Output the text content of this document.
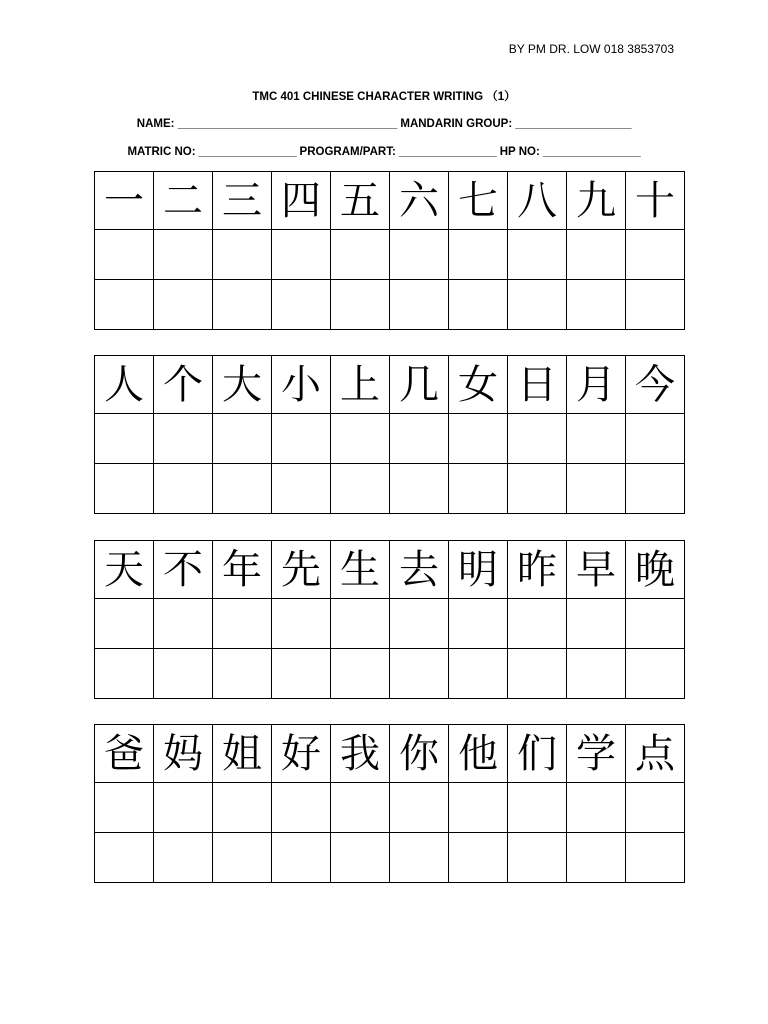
BY PM DR. LOW 018 3853703
TMC 401 CHINESE CHARACTER WRITING （1）
NAME: ____________________________________ MANDARIN GROUP: ___________________
MATRIC NO: ________________ PROGRAM/PART: ________________ HP NO: ________________
一	二	三	四	五	六	七	八	九	十

人	个	大	小	上	几	女	日	月	今

天	不	年	先	生	去	明	昨	早	晚

爸	妈	姐	好	我	你	他	们	学	点
